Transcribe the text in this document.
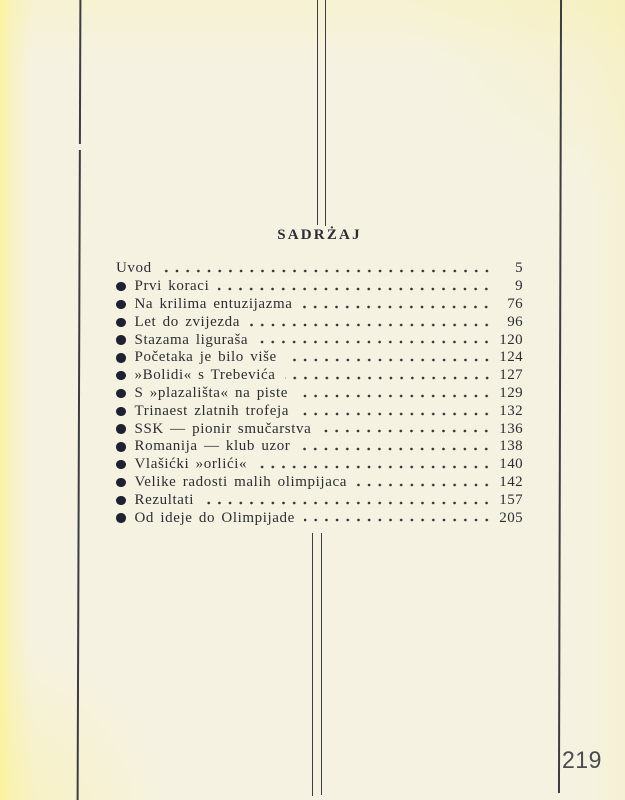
SADRŻAJ
Uvod	5
Prvi koraci	9
Na krilima entuzijazma	76
Let do zvijezda	96
Stazama liguraša	120
Početaka je bilo više	124
»Bolidi« s Trebevića	127
S »plazališta« na piste	129
Trinaest zlatnih trofeja	132
SSK — pionir smučarstva	136
Romanija — klub uzor	138
Vlašićki »orlići«	140
Velike radosti malih olimpijaca	142
Rezultati	157
Od ideje do Olimpijade	205
219
